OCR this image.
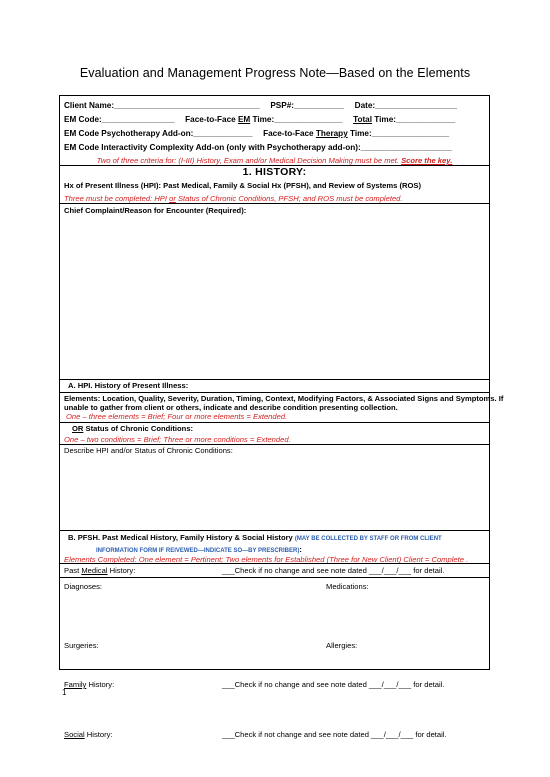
Evaluation and Management Progress Note—Based on the Elements
Client Name:________________________________ PSP#:___________ Date:__________________
EM Code:________________ Face-to-Face EM Time:_______________ Total Time:_____________
EM Code Psychotherapy Add-on:_____________ Face-to-Face Therapy Time:_________________
EM Code Interactivity Complexity Add-on (only with Psychotherapy add-on):____________________
Two of three criteria for: (I-III) History, Exam and/or Medical Decision Making must be met. Score the key.
1. HISTORY:
Hx of Present Illness (HPI): Past Medical, Family & Social Hx (PFSH), and Review of Systems (ROS)
Three must be completed: HPI or Status of Chronic Conditions, PFSH; and ROS must be completed.
Chief Complaint/Reason for Encounter (Required):
A. HPI. History of Present Illness:
Elements: Location, Quality, Severity, Duration, Timing, Context, Modifying Factors, & Associated Signs and Symptoms. If
unable to gather from client or others, indicate and describe condition presenting collection.
One – three elements = Brief; Four or more elements = Extended.
OR Status of Chronic Conditions:
One – two conditions = Brief; Three or more conditions = Extended.
Describe HPI and/or Status of Chronic Conditions:
B. PFSH. Past Medical History, Family History & Social History (MAY BE COLLECTED BY STAFF OR FROM CLIENT
INFORMATION FORM IF REIVEWED—INDICATE SO—BY PRESCRIBER):
Elements Completed: One element = Pertinent; Two elements for Established (Three for New Client) Client = Complete .
Past Medical History:	___Check if no change and see note dated ___/___/___ for detail.
Diagnoses:	Medications:
Surgeries:	Allergies:
Family History:	___Check if no change and see note dated ___/___/___ for detail.
Social History:	___Check if not change and see note dated ___/___/___ for detail.
1
